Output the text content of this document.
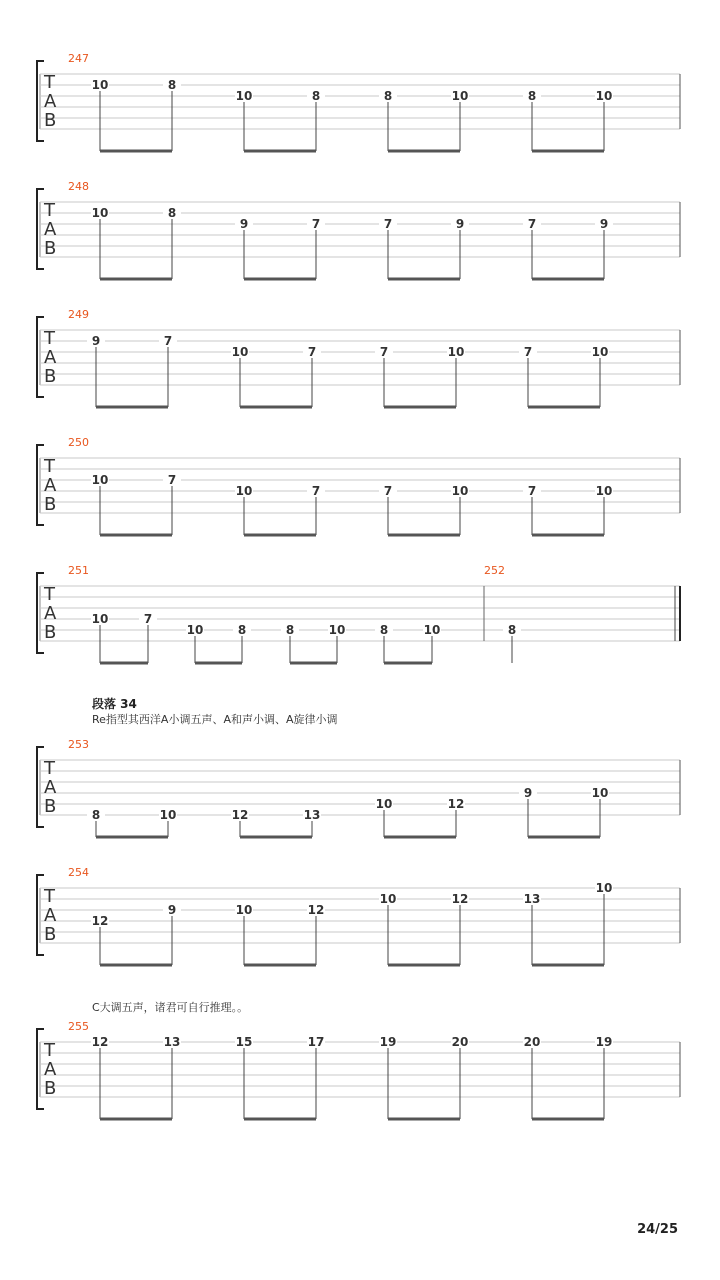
T
A
B
247
10	8
10	8	8	10	8	10
T
A
B
248
10	8
9	7	7	9	7	9
T
A
B
249
9	7
10	7	7	10	7	10
T
A
B
250
10	7
10	7	7	10	7	10
T
A
B
251	252
10	7
10	8	8	10	8	10	8
T
A
B
253
8	10	12	13
10	12
9	10
T
A
B
254
12
9	10	12
10	12	13
10
T
A
B
255
12	13	15	17	19	20	20	19
段落 34
Re指型其西洋A小调五声、A和声小调、A旋律小调
C大调五声，诸君可自行推理。。
24/25
